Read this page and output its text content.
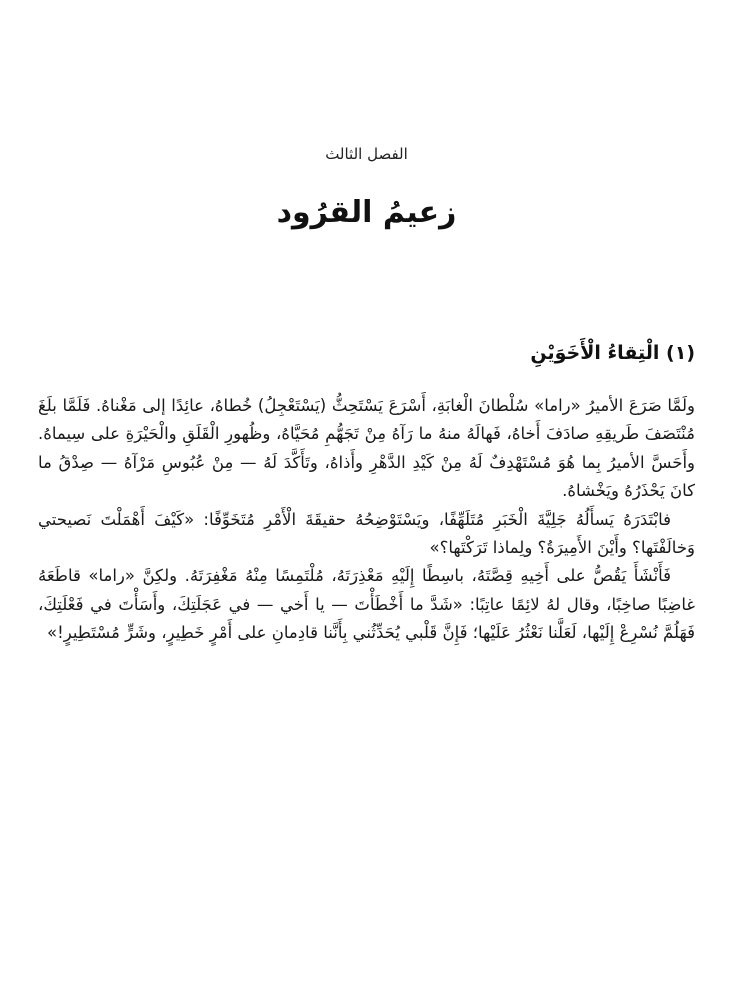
الفصل الثالث
زعيمُ القرُود
(١) الْتِقاءُ الْأَخَوَيْنِ

ولَمَّا صَرَعَ الأميرُ «راما» سُلْطانَ الْغابَةِ، أَسْرَعَ يَسْتَحِثُّ (يَسْتَعْجِلُ) خُطاهُ، عائِدًا إلى مَغْناهُ. فَلَمَّا بلَغَ مُنْتَصَفَ طَريقِهِ صادَفَ أَخاهُ، فَهالَهُ منهُ ما رَآهُ مِنْ تَجَهُّمِ مُحَيَّاهُ، وظُهورِ الْقَلَقِ والْحَيْرَةِ على سِيماهُ. وأَحَسَّ الأميرُ بِما هُوَ مُسْتَهْدِفٌ لَهُ مِنْ كَيْدِ الدَّهْرِ وأَذاهُ، وتَأَكَّدَ لَهُ — مِنْ عُبُوسِ مَرْآهُ — صِدْقُ ما كانَ يَحْذَرُهُ ويَخْشاهُ.

فابْتَدَرَهُ يَسأَلُهُ جَلِيَّةَ الْخَبَرِ مُتَلَهِّفًا، ويَسْتَوْضِحُهُ حقيقَةَ الْأَمْرِ مُتَخَوِّفًا: «كَيْفَ أَهْمَلْتَ نَصيحتي وَخالَفْتَها؟ وأَيْنَ الأَمِيرَةُ؟ ولِماذا تَرَكْتَها؟»

فَأَنْشَأَ يَقُصُّ على أَخِيهِ قِصَّتَهُ، باسِطًا إِلَيْهِ مَعْذِرَتَهُ، مُلْتَمِسًا مِنْهُ مَغْفِرَتَهُ. ولكِنَّ «راما» قاطَعَهُ غاضِبًا صاخِبًا، وقال لهُ لائِمًا عاتِبًا: «شَدَّ ما أَخْطَأْتَ — يا أَخي — في عَجَلَتِكَ، وأَسَأْتَ في فَعْلَتِكَ، فَهَلُمَّ نُسْرِعْ إِلَيْها، لَعَلَّنا نَعْثُرُ عَلَيْها؛ فَإِنَّ قَلْبي يُحَدِّثُني بِأَنَّنا قادِمانِ على أَمْرٍ خَطِيرٍ، وشَرٍّ مُسْتَطِيرٍ!»
